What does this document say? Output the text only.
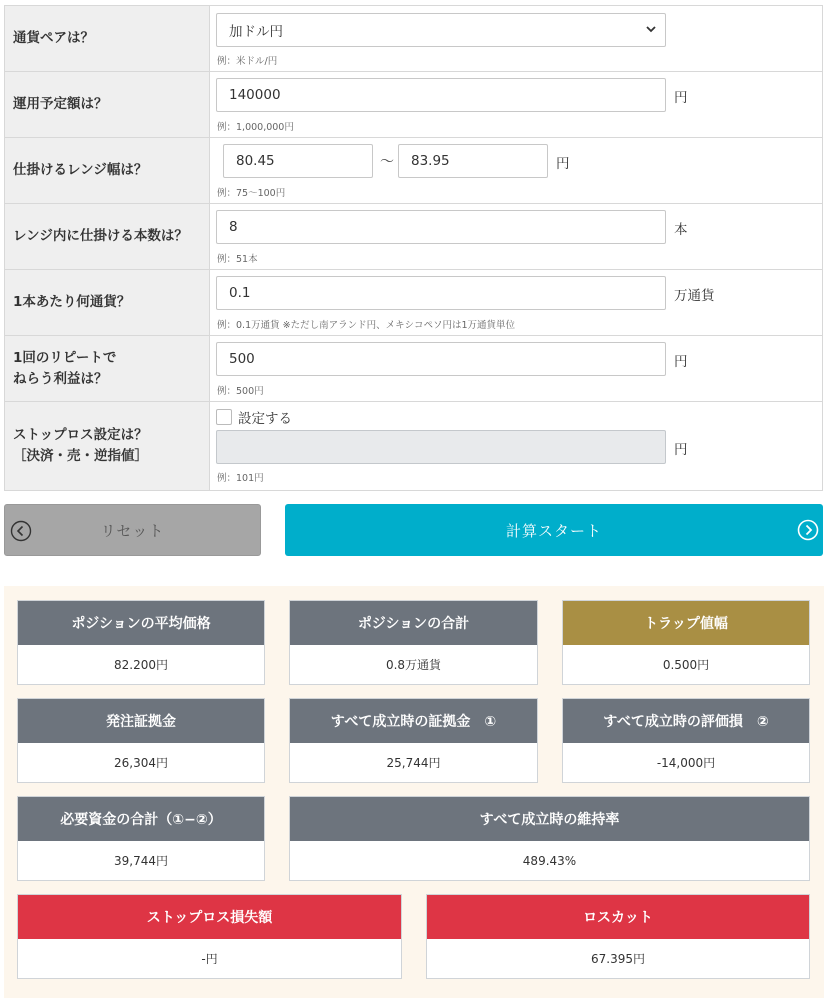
通貨ペアは？	加ドル円
例：米ドル/円
運用予定額は？
140000	円
例：1,000,000円
仕掛けるレンジ幅は？
80.45	〜	83.95	円
例：75〜100円
レンジ内に仕掛ける本数は？
8	本
例：51本
1本あたり何通貨？
0.1	万通貨
例：0.1万通貨 ※ただし南アランド円、メキシコペソ円は1万通貨単位
1回のリピートで
ねらう利益は？
500	円
例：500円
ストップロス設定は？
［決済・売・逆指値］
設定する
円
例：101円
リセット	計算スタート
ポジションの平均価格
82.200円
ポジションの合計
0.8万通貨
トラップ値幅
0.500円
発注証拠金
26,304円
すべて成立時の証拠金　①
25,744円
すべて成立時の評価損　②
-14,000円
必要資金の合計（①−②）
39,744円
すべて成立時の維持率
489.43%
ストップロス損失額
-円
ロスカット
67.395円
